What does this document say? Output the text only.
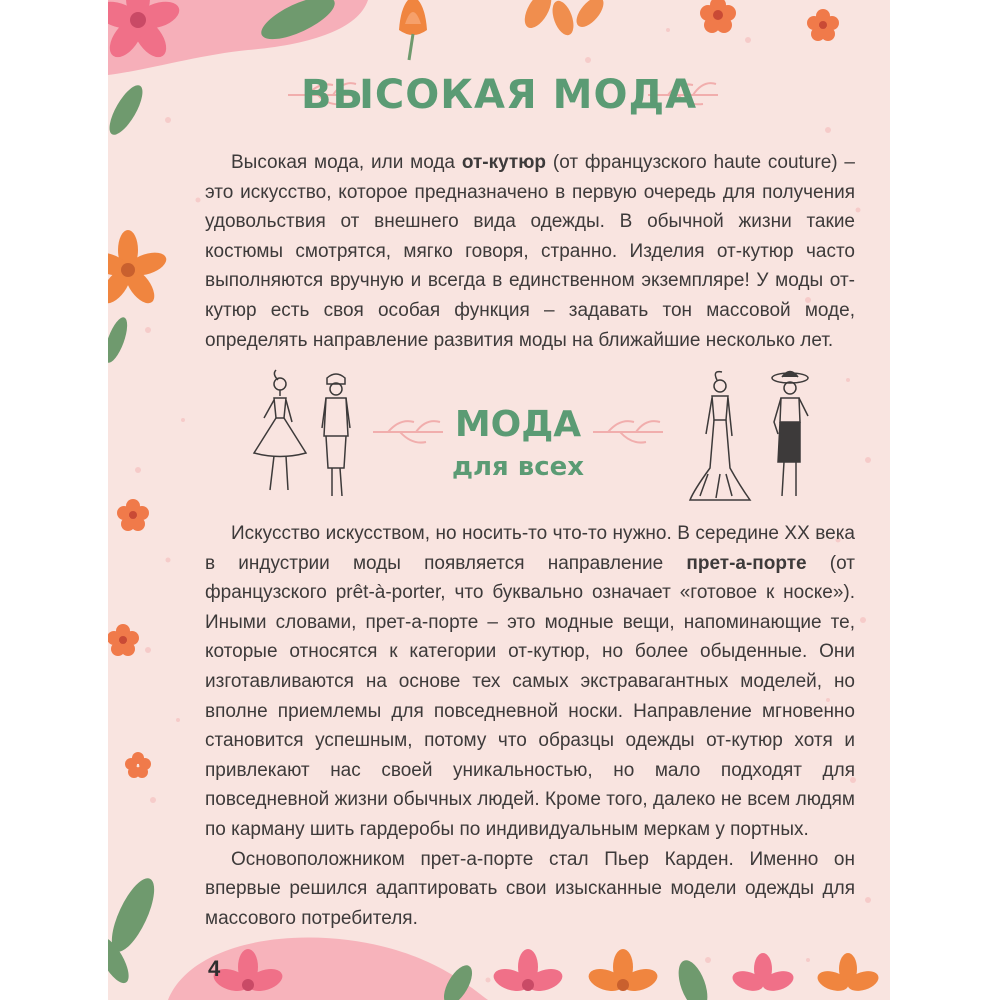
ВЫСОКАЯ МОДА

Высокая мода, или мода от-кутюр (от французского haute couture) – это искусство, которое предназначено в первую очередь для получения удовольствия от внешнего вида одежды. В обычной жизни такие костюмы смотрятся, мягко говоря, странно. Изделия от-кутюр часто выполняются вручную и всегда в единственном экземпляре! У моды от-кутюр есть своя особая функция – задавать тон массовой моде, определять направление развития моды на ближайшие несколько лет.

МОДА
для всех

Искусство искусством, но носить-то что-то нужно. В середине XX века в индустрии моды появляется направление прет-а-порте (от французского prêt-à-porter, что буквально означает «готовое к носке»). Иными словами, прет-а-порте – это модные вещи, напоминающие те, которые относятся к категории от-кутюр, но более обыденные. Они изготавливаются на основе тех самых экстравагантных моделей, но вполне приемлемы для повседневной носки. Направление мгновенно становится успешным, потому что образцы одежды от-кутюр хотя и привлекают нас своей уникальностью, но мало подходят для повседневной жизни обычных людей. Кроме того, далеко не всем людям по карману шить гардеробы по индивидуальным меркам у портных.

Основоположником прет-а-порте стал Пьер Карден. Именно он впервые решился адаптировать свои изысканные модели одежды для массового потребителя.

4
